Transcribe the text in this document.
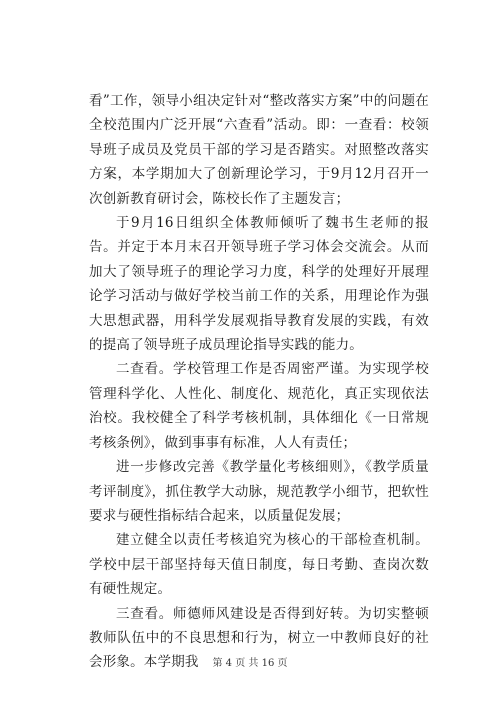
看”工作，领导小组决定针对“整改落实方案”中的问题在全校范围内广泛开展“六查看”活动。即：一查看：校领导班子成员及党员干部的学习是否踏实。对照整改落实方案，本学期加大了创新理论学习，于9月12月召开一次创新教育研讨会，陈校长作了主题发言；

于9月16日组织全体教师倾听了魏书生老师的报告。并定于本月末召开领导班子学习体会交流会。从而加大了领导班子的理论学习力度，科学的处理好开展理论学习活动与做好学校当前工作的关系，用理论作为强大思想武器，用科学发展观指导教育发展的实践，有效的提高了领导班子成员理论指导实践的能力。

二查看。学校管理工作是否周密严谨。为实现学校管理科学化、人性化、制度化、规范化，真正实现依法治校。我校健全了科学考核机制，具体细化《一日常规考核条例》，做到事事有标准，人人有责任；

进一步修改完善《教学量化考核细则》，《教学质量考评制度》，抓住教学大动脉，规范教学小细节，把软性要求与硬性指标结合起来，以质量促发展；

建立健全以责任考核追究为核心的干部检查机制。学校中层干部坚持每天值日制度，每日考勤、查岗次数有硬性规定。

三查看。师德师风建设是否得到好转。为切实整顿教师队伍中的不良思想和行为，树立一中教师良好的社会形象。本学期我	第 4 页 共 16 页
